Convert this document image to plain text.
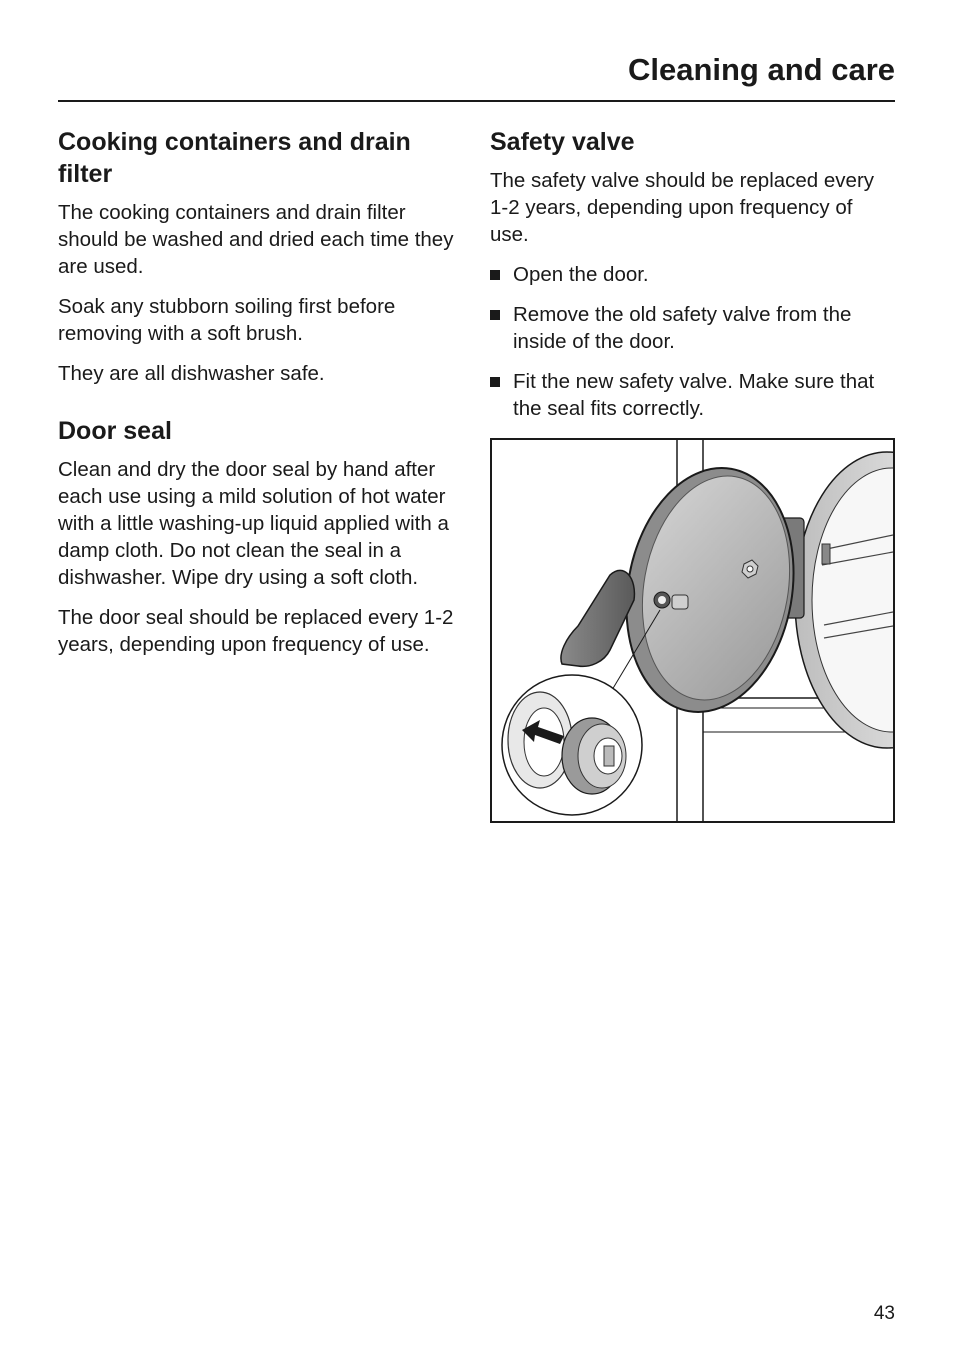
Cleaning and care
Cooking containers and drain filter

The cooking containers and drain filter should be washed and dried each time they are used.

Soak any stubborn soiling first before removing with a soft brush.

They are all dishwasher safe.

Door seal

Clean and dry the door seal by hand after each use using a mild solution of hot water with a little washing-up liquid applied with a damp cloth. Do not clean the seal in a dishwasher. Wipe dry using a soft cloth.

The door seal should be replaced every 1-2 years, depending upon frequency of use.

Safety valve

The safety valve should be replaced every 1-2 years, depending upon frequency of use.

Open the door.
Remove the old safety valve from the inside of the door.
Fit the new safety valve. Make sure that the seal fits correctly.
43
